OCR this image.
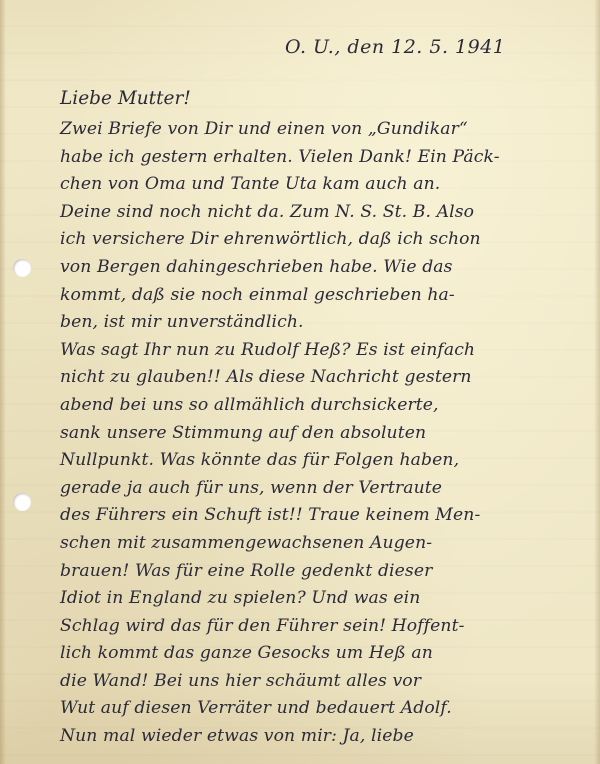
O. U., den 12. 5. 1941
Liebe Mutter!
Zwei Briefe von Dir und einen von „Gundikar“
habe ich gestern erhalten. Vielen Dank! Ein Päck-
chen von Oma und Tante Uta kam auch an.
Deine sind noch nicht da. Zum N. S. St. B. Also
ich versichere Dir ehrenwörtlich, daß ich schon
von Bergen dahingeschrieben habe. Wie das
kommt, daß sie noch einmal geschrieben ha-
ben, ist mir unverständlich.
Was sagt Ihr nun zu Rudolf Heß? Es ist einfach
nicht zu glauben!! Als diese Nachricht gestern
abend bei uns so allmählich durchsickerte,
sank unsere Stimmung auf den absoluten
Nullpunkt. Was könnte das für Folgen haben,
gerade ja auch für uns, wenn der Vertraute
des Führers ein Schuft ist!! Traue keinem Men-
schen mit zusammengewachsenen Augen-
brauen! Was für eine Rolle gedenkt dieser
Idiot in England zu spielen? Und was ein
Schlag wird das für den Führer sein! Hoffent-
lich kommt das ganze Gesocks um Heß an
die Wand! Bei uns hier schäumt alles vor
Wut auf diesen Verräter und bedauert Adolf.
Nun mal wieder etwas von mir: Ja, liebe
